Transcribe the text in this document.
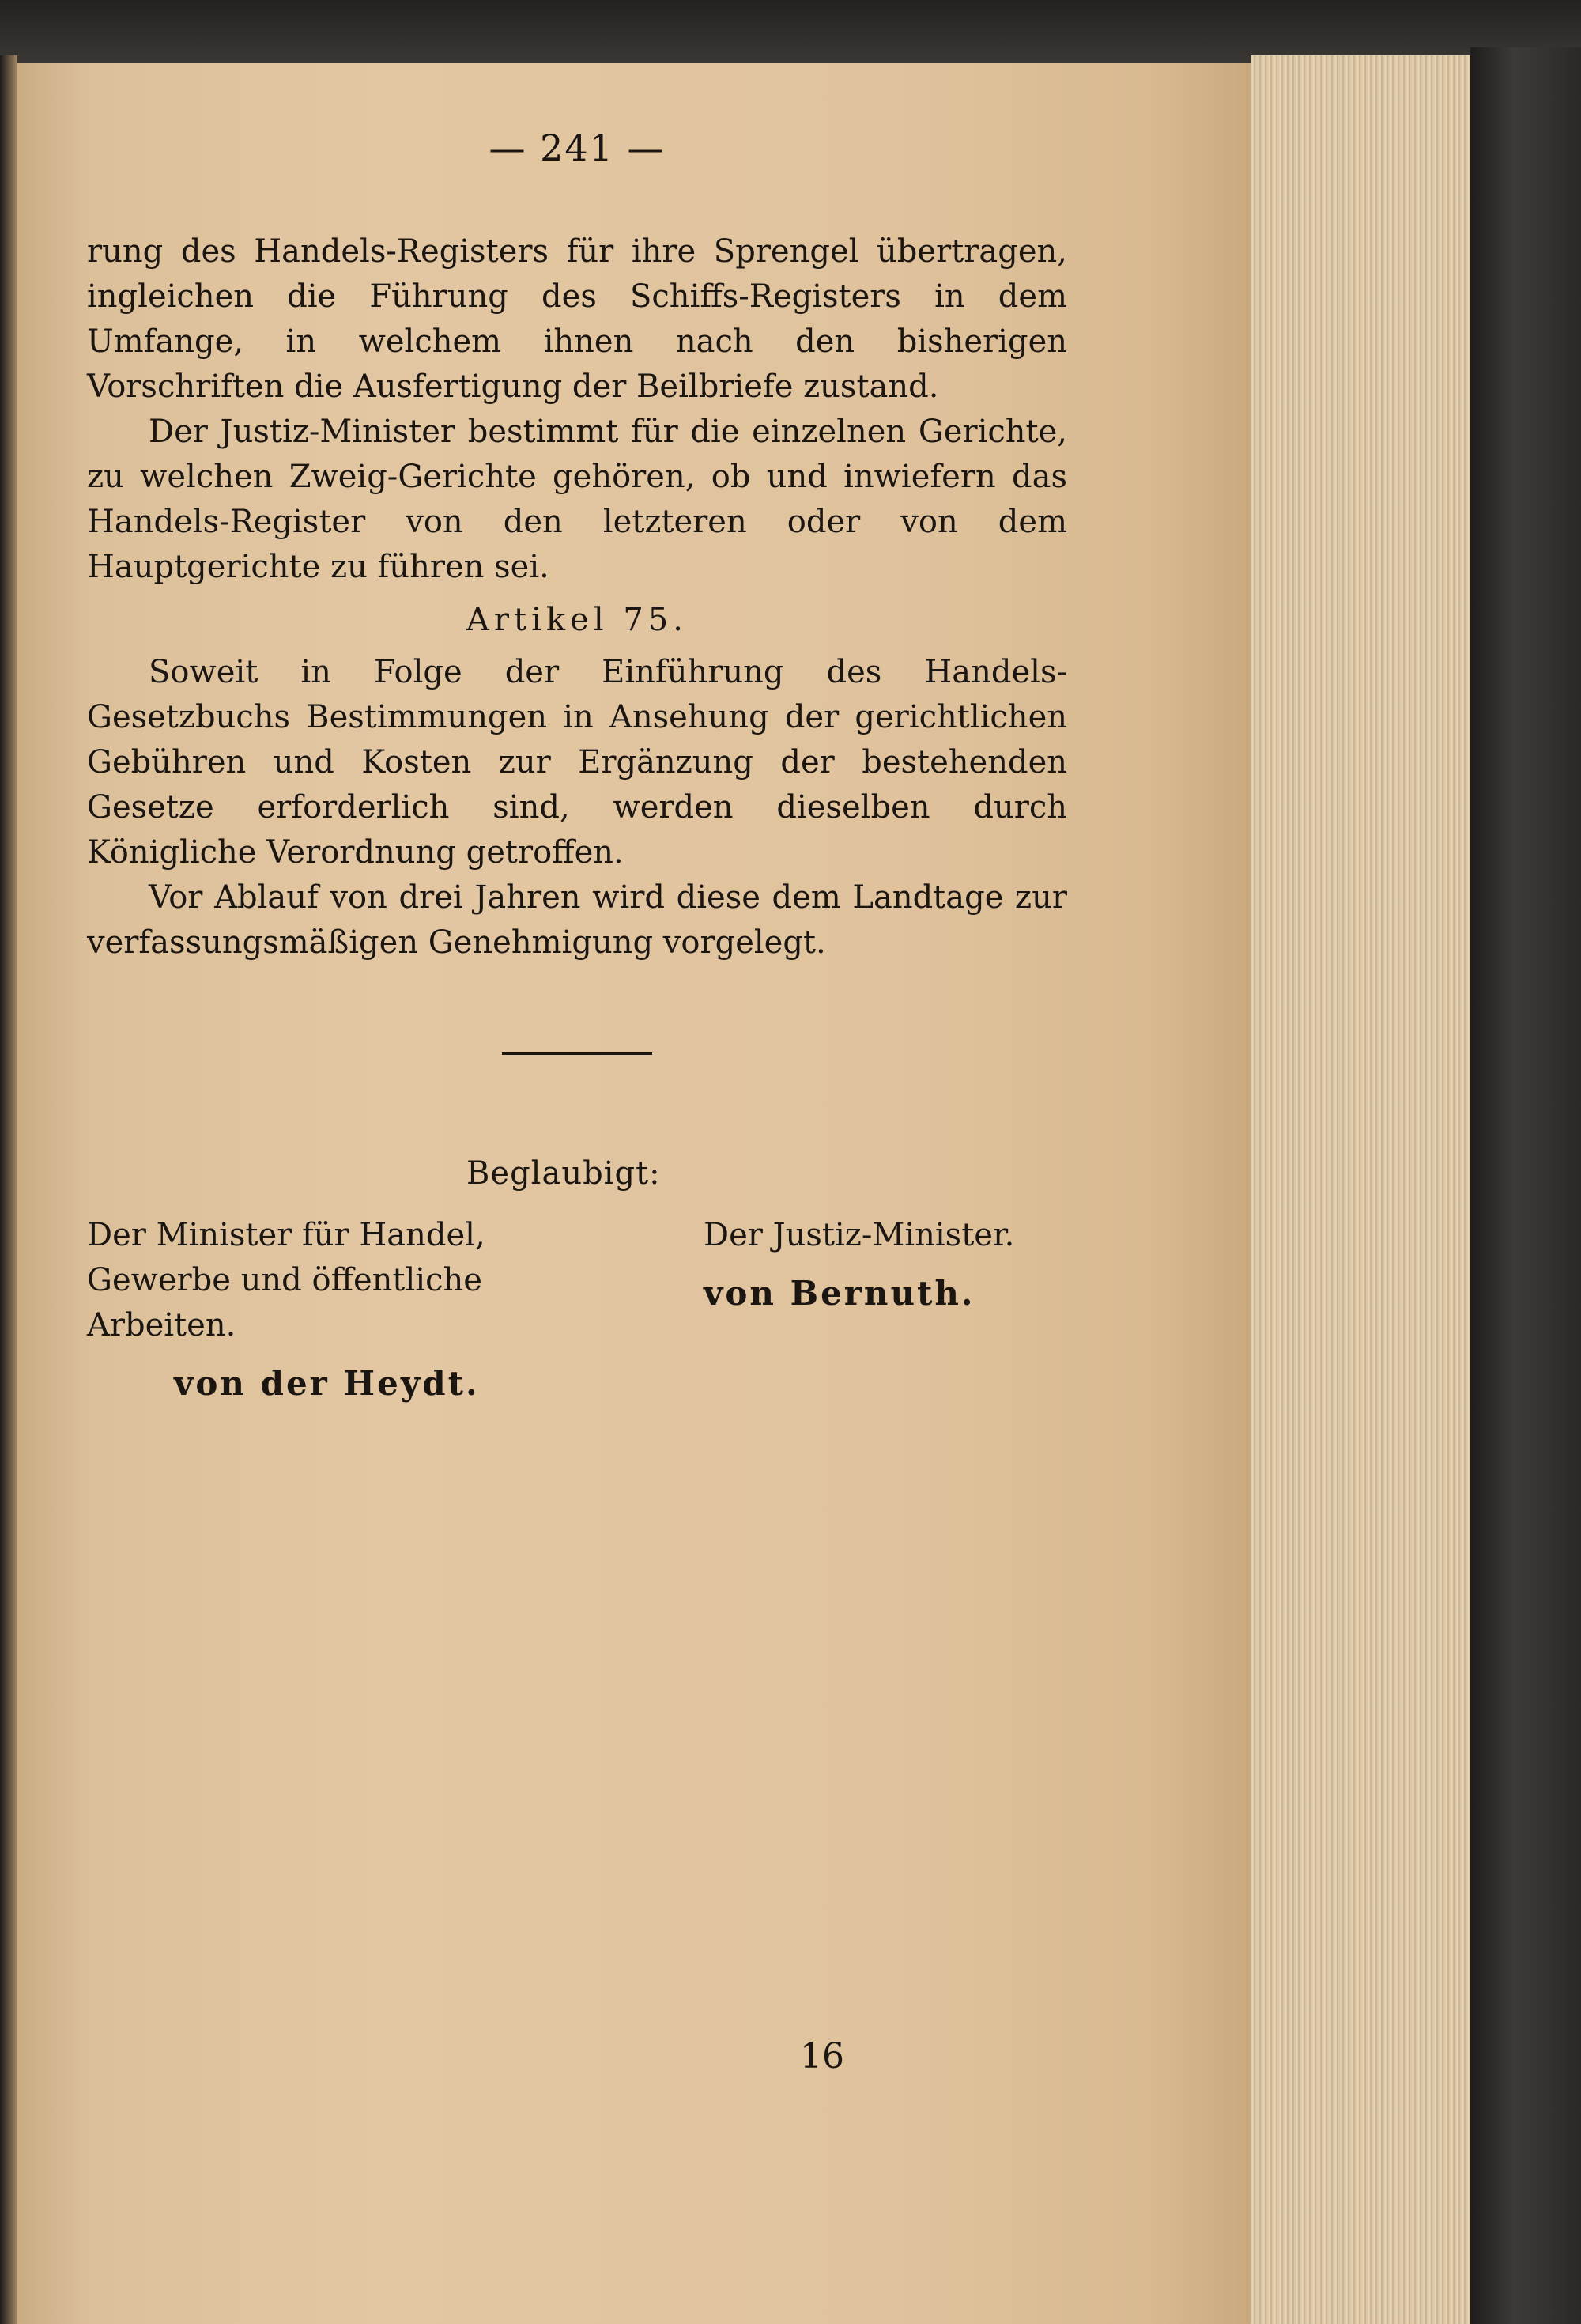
— 241 —

rung des Handels-Registers für ihre Sprengel übertragen, ingleichen die Führung des Schiffs-Registers in dem Umfange, in welchem ihnen nach den bisherigen Vorschriften die Ausfertigung der Beilbriefe zustand.

Der Justiz-Minister bestimmt für die einzelnen Gerichte, zu welchen Zweig-Gerichte gehören, ob und inwiefern das Handels-Register von den letzteren oder von dem Hauptgerichte zu führen sei.

Artikel 75.

Soweit in Folge der Einführung des Handels-Gesetzbuchs Bestimmungen in Ansehung der gerichtlichen Gebühren und Kosten zur Ergänzung der bestehenden Gesetze erforderlich sind, werden dieselben durch Königliche Verordnung getroffen.

Vor Ablauf von drei Jahren wird diese dem Landtage zur verfassungsmäßigen Genehmigung vorgelegt.

Beglaubigt:
Der Minister für Handel, Gewerbe und öffentliche Arbeiten.
von der Heydt.
Der Justiz-Minister.
von Bernuth.
16
